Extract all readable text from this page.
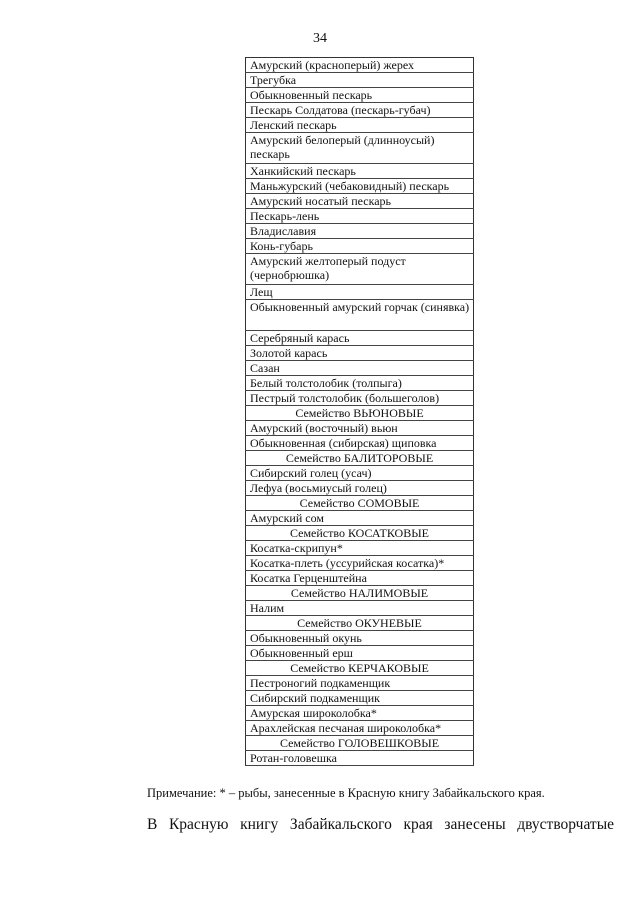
34
Амурский (красноперый) жерех
Трегубка
Обыкновенный пескарь
Пескарь Солдатова (пескарь-губач)
Ленский пескарь
Амурский белоперый (длинноусый) пескарь
Ханкийский пескарь
Маньжурский (чебаковидный) пескарь
Амурский носатый пескарь
Пескарь-лень
Владиславия
Конь-губарь
Амурский желтоперый подуст (чернобрюшка)
Лещ
Обыкновенный амурский горчак (синявка)
Серебряный карась
Золотой карась
Сазан
Белый толстолобик (толпыга)
Пестрый толстолобик (большеголов)
Семейство ВЬЮНОВЫЕ
Амурский (восточный) вьюн
Обыкновенная (сибирская) щиповка
Семейство БАЛИТОРОВЫЕ
Сибирский голец (усач)
Лефуа (восьмиусый голец)
Семейство СОМОВЫЕ
Амурский сом
Семейство КОСАТКОВЫЕ
Косатка-скрипун*
Косатка-плеть (уссурийская косатка)*
Косатка Герценштейна
Семейство НАЛИМОВЫЕ
Налим
Семейство ОКУНЕВЫЕ
Обыкновенный окунь
Обыкновенный ерш
Семейство КЕРЧАКОВЫЕ
Пестроногий подкаменщик
Сибирский подкаменщик
Амурская широколобка*
Арахлейская песчаная широколобка*
Семейство ГОЛОВЕШКОВЫЕ
Ротан-головешка
Примечание: * – рыбы, занесенные в Красную книгу Забайкальского края.
В Красную книгу Забайкальского края занесены двустворчатые
